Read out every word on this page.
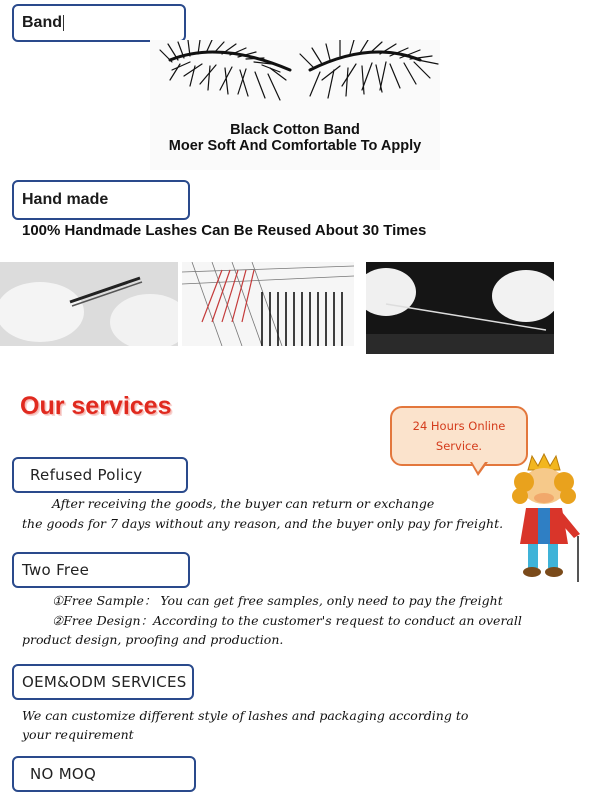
Band
Black Cotton Band
Moer Soft And Comfortable To Apply
Hand made
100% Handmade Lashes Can Be Reused About 30 Times
Our services
24 Hours Online
Service.
Refused Policy
After receiving the goods, the buyer can return or exchange
the goods for 7 days without any reason, and the buyer only pay for freight.
Two Free
①Free Sample： You can get free samples, only need to pay the freight
②Free Design：According to the customer's request to conduct an overall
product design, proofing and production.
OEM&ODM SERVICES
We can customize different style of lashes and packaging according to
your requirement
NO MOQ
